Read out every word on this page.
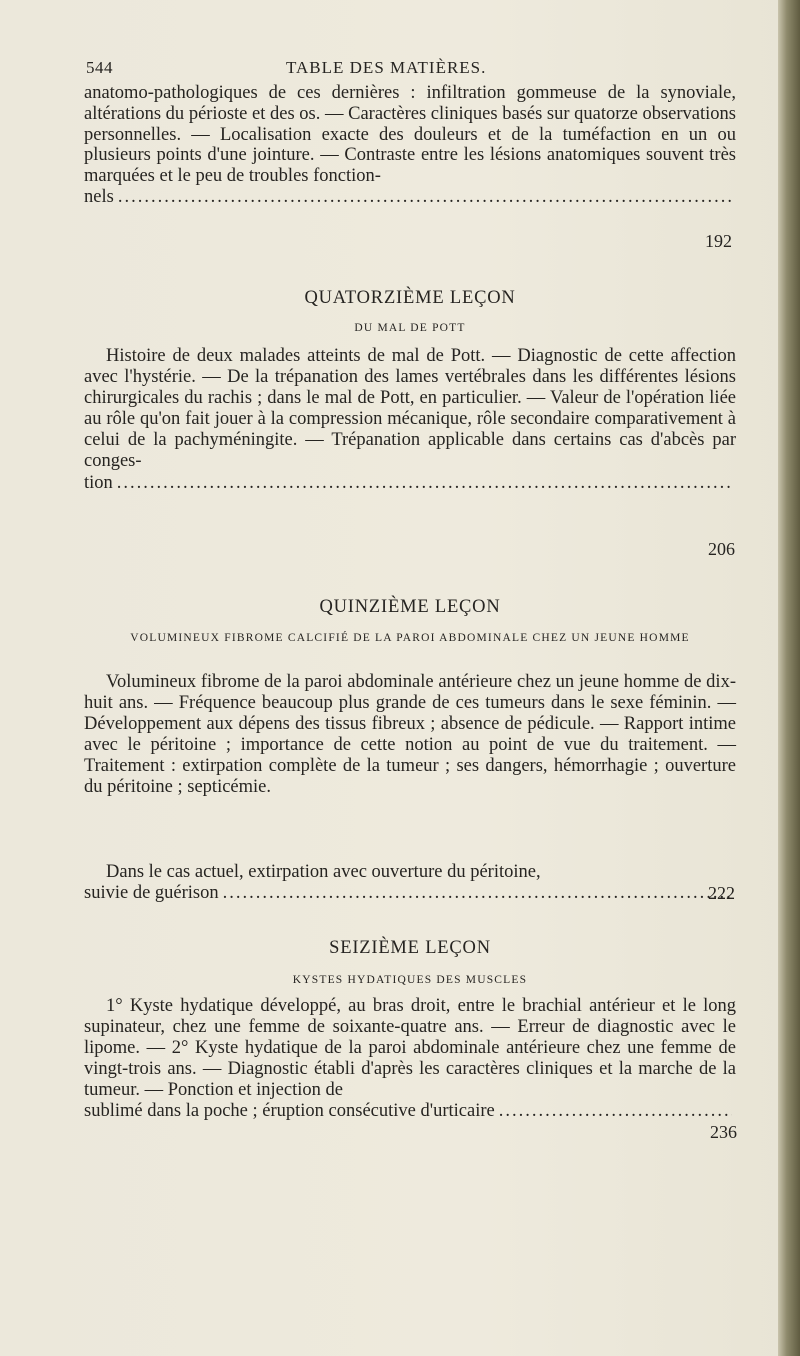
544	TABLE DES MATIÈRES.
anatomo-pathologiques de ces dernières : infiltration gommeuse de la synoviale, altérations du périoste et des os. — Caractères cliniques basés sur quatorze observations personnelles. — Localisation exacte des douleurs et de la tuméfaction en un ou plusieurs points d'une jointure. — Contraste entre les lésions anatomiques souvent très marquées et le peu de troubles fonction-
nels
.....
192
QUATORZIÈME LEÇON
DU MAL DE POTT
Histoire de deux malades atteints de mal de Pott. — Diagnostic de cette affection avec l'hystérie. — De la trépanation des lames vertébrales dans les différentes lésions chirurgicales du rachis ; dans le mal de Pott, en particulier. — Valeur de l'opération liée au rôle qu'on fait jouer à la compression mécanique, rôle secondaire comparativement à celui de la pachyméningite. — Trépanation applicable dans certains cas d'abcès par conges-
tion
.....
206
QUINZIÈME LEÇON
VOLUMINEUX FIBROME CALCIFIÉ DE LA PAROI ABDOMINALE CHEZ UN JEUNE HOMME
Volumineux fibrome de la paroi abdominale antérieure chez un jeune homme de dix-huit ans. — Fréquence beaucoup plus grande de ces tumeurs dans le sexe féminin. — Développement aux dépens des tissus fibreux ; absence de pédicule. — Rapport intime avec le péritoine ; importance de cette notion au point de vue du traitement. — Traitement : extirpation complète de la tumeur ; ses dangers, hémorrhagie ; ouverture du péritoine ; septicémie.
Dans le cas actuel, extirpation avec ouverture du péritoine,
suivie de guérison
.....	222
SEIZIÈME LEÇON
KYSTES HYDATIQUES DES MUSCLES
1° Kyste hydatique développé, au bras droit, entre le brachial antérieur et le long supinateur, chez une femme de soixante-quatre ans. — Erreur de diagnostic avec le lipome. — 2° Kyste hydatique de la paroi abdominale antérieure chez une femme de vingt-trois ans. — Diagnostic établi d'après les caractères cliniques et la marche de la tumeur. — Ponction et injection de
sublimé dans la poche ; éruption consécutive d'urticaire
.....
236
